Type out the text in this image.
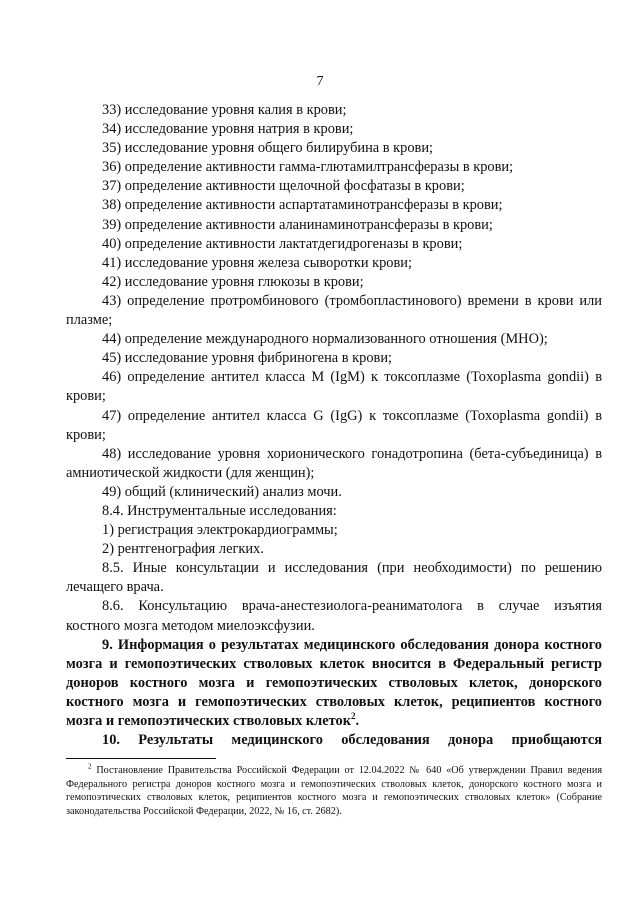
7

33) исследование уровня калия в крови;

34) исследование уровня натрия в крови;

35) исследование уровня общего билирубина в крови;

36) определение активности гамма-глютамилтрансферазы в крови;

37) определение активности щелочной фосфатазы в крови;

38) определение активности аспартатаминотрансферазы в крови;

39) определение активности аланинаминотрансферазы в крови;

40) определение активности лактатдегидрогеназы в крови;

41) исследование уровня железа сыворотки крови;

42) исследование уровня глюкозы в крови;

43) определение протромбинового (тромбопластинового) времени в крови или плазме;

44) определение международного нормализованного отношения (МНО);

45) исследование уровня фибриногена в крови;

46) определение антител класса M (IgM) к токсоплазме (Toxoplasma gondii) в крови;

47) определение антител класса G (IgG) к токсоплазме (Toxoplasma gondii) в крови;

48) исследование уровня хорионического гонадотропина (бета-субъединица) в амниотической жидкости (для женщин);

49) общий (клинический) анализ мочи.

8.4. Инструментальные исследования:

1) регистрация электрокардиограммы;

2) рентгенография легких.

8.5. Иные консультации и исследования (при необходимости) по решению лечащего врача.

8.6. Консультацию врача-анестезиолога-реаниматолога в случае изъятия костного мозга методом миелоэксфузии.

9. Информация о результатах медицинского обследования донора костного мозга и гемопоэтических стволовых клеток вносится в Федеральный регистр доноров костного мозга и гемопоэтических стволовых клеток, донорского костного мозга и гемопоэтических стволовых клеток, реципиентов костного мозга и гемопоэтических стволовых клеток$^2$.

10. Результаты медицинского обследования донора приобщаются

$^2$ Постановление Правительства Российской Федерации от 12.04.2022 № 640 «Об утверждении Правил ведения Федерального регистра доноров костного мозга и гемопоэтических стволовых клеток, донорского костного мозга и гемопоэтических стволовых клеток, реципиентов костного мозга и гемопоэтических стволовых клеток» (Собрание законодательства Российской Федерации, 2022, № 16, ст. 2682).
